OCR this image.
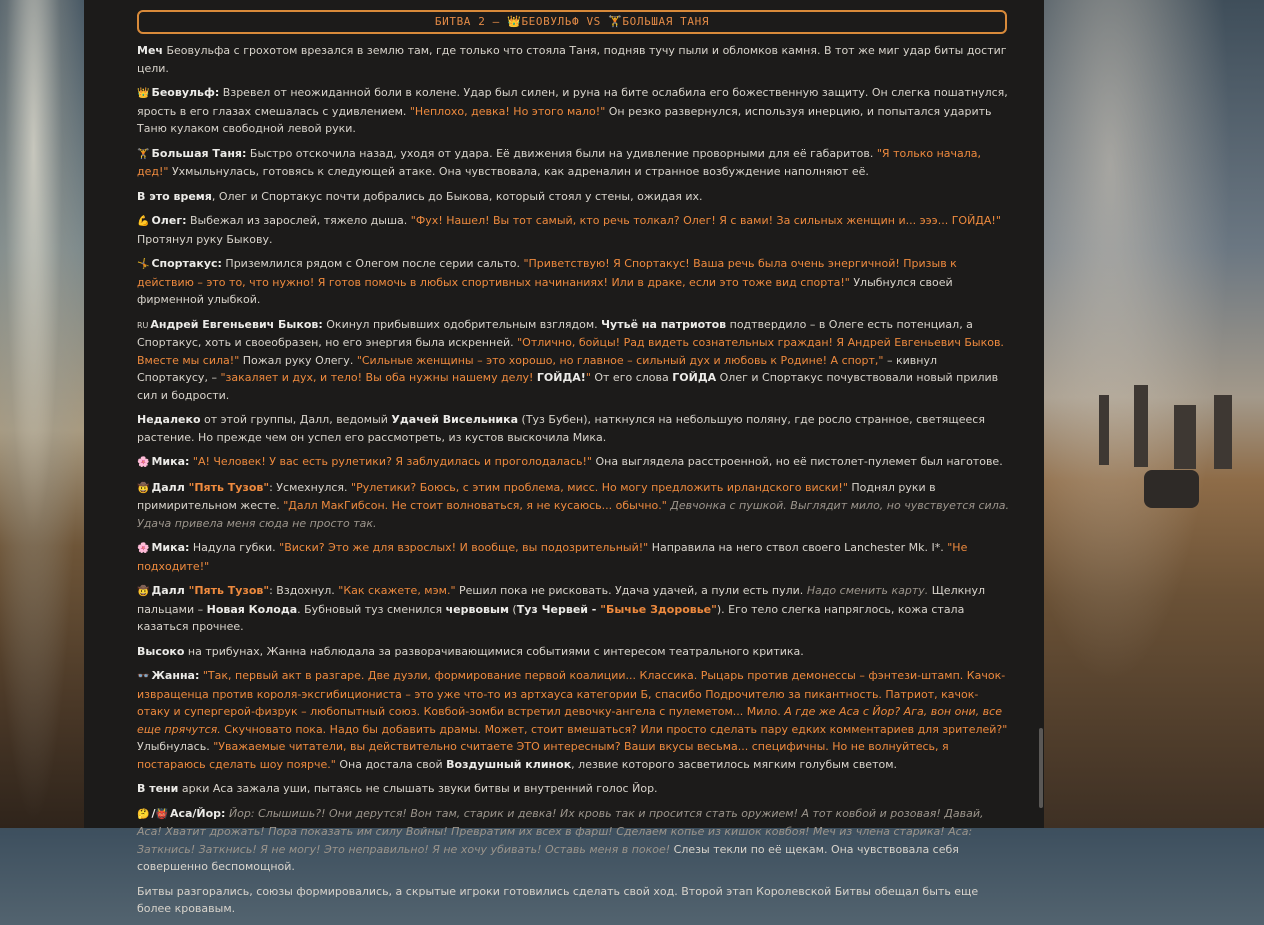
БИТВА 2 – 👑БЕОВУЛЬФ VS 🏋БОЛЬШАЯ ТАНЯ

Меч Беовульфа с грохотом врезался в землю там, где только что стояла Таня, подняв тучу пыли и обломков камня. В тот же миг удар биты достиг цели.

👑 Беовульф: Взревел от неожиданной боли в колене. Удар был силен, и руна на бите ослабила его божественную защиту. Он слегка пошатнулся, ярость в его глазах смешалась с удивлением. "Неплохо, девка! Но этого мало!" Он резко развернулся, используя инерцию, и попытался ударить Таню кулаком свободной левой руки.

🏋 Большая Таня: Быстро отскочила назад, уходя от удара. Её движения были на удивление проворными для её габаритов. "Я только начала, дед!" Ухмыльнулась, готовясь к следующей атаке. Она чувствовала, как адреналин и странное возбуждение наполняют её.

В это время, Олег и Спортакус почти добрались до Быкова, который стоял у стены, ожидая их.

💪 Олег: Выбежал из зарослей, тяжело дыша. "Фух! Нашел! Вы тот самый, кто речь толкал? Олег! Я с вами! За сильных женщин и... эээ... ГОЙДА!" Протянул руку Быкову.

🤸 Спортакус: Приземлился рядом с Олегом после серии сальто. "Приветствую! Я Спортакус! Ваша речь была очень энергичной! Призыв к действию – это то, что нужно! Я готов помочь в любых спортивных начинаниях! Или в драке, если это тоже вид спорта!" Улыбнулся своей фирменной улыбкой.

RU Андрей Евгеньевич Быков: Окинул прибывших одобрительным взглядом. Чутьё на патриотов подтвердило – в Олеге есть потенциал, а Спортакус, хоть и своеобразен, но его энергия была искренней. "Отлично, бойцы! Рад видеть сознательных граждан! Я Андрей Евгеньевич Быков. Вместе мы сила!" Пожал руку Олегу. "Сильные женщины – это хорошо, но главное – сильный дух и любовь к Родине! А спорт," – кивнул Спортакусу, – "закаляет и дух, и тело! Вы оба нужны нашему делу! ГОЙДА!" От его слова ГОЙДА Олег и Спортакус почувствовали новый прилив сил и бодрости.

Недалеко от этой группы, Далл, ведомый Удачей Висельника (Туз Бубен), наткнулся на небольшую поляну, где росло странное, светящееся растение. Но прежде чем он успел его рассмотреть, из кустов выскочила Мика.

🌸 Мика: "А! Человек! У вас есть рулетики? Я заблудилась и проголодалась!" Она выглядела расстроенной, но её пистолет-пулемет был наготове.

🤠 Далл "Пять Тузов": Усмехнулся. "Рулетики? Боюсь, с этим проблема, мисс. Но могу предложить ирландского виски!" Поднял руки в примирительном жесте. "Далл МакГибсон. Не стоит волноваться, я не кусаюсь... обычно." Девчонка с пушкой. Выглядит мило, но чувствуется сила. Удача привела меня сюда не просто так.

🌸 Мика: Надула губки. "Виски? Это же для взрослых! И вообще, вы подозрительный!" Направила на него ствол своего Lanchester Mk. I*. "Не подходите!"

🤠 Далл "Пять Тузов": Вздохнул. "Как скажете, мэм." Решил пока не рисковать. Удача удачей, а пули есть пули. Надо сменить карту. Щелкнул пальцами – Новая Колода. Бубновый туз сменился червовым (Туз Червей - "Бычье Здоровье"). Его тело слегка напряглось, кожа стала казаться прочнее.

Высоко на трибунах, Жанна наблюдала за разворачивающимися событиями с интересом театрального критика.

👓 Жанна: "Так, первый акт в разгаре. Две дуэли, формирование первой коалиции... Классика. Рыцарь против демонессы – фэнтези-штамп. Качок-извращенца против короля-эксгибициониста – это уже что-то из артхауса категории Б, спасибо Подрочителю за пикантность. Патриот, качок-отаку и супергерой-физрук – любопытный союз. Ковбой-зомби встретил девочку-ангела с пулеметом... Мило. А где же Аса с Йор? Ага, вон они, все еще прячутся. Скучновато пока. Надо бы добавить драмы. Может, стоит вмешаться? Или просто сделать пару едких комментариев для зрителей?" Улыбнулась. "Уважаемые читатели, вы действительно считаете ЭТО интересным? Ваши вкусы весьма... специфичны. Но не волнуйтесь, я постараюсь сделать шоу поярче." Она достала свой Воздушный клинок, лезвие которого засветилось мягким голубым светом.

В тени арки Аса зажала уши, пытаясь не слышать звуки битвы и внутренний голос Йор.

🤔 /👹 Аса/Йор: Йор: Слышишь?! Они дерутся! Вон там, старик и девка! Их кровь так и просится стать оружием! А тот ковбой и розовая! Давай, Аса! Хватит дрожать! Пора показать им силу Войны! Превратим их всех в фарш! Сделаем копье из кишок ковбоя! Меч из члена старика! Аса: Заткнись! Заткнись! Я не могу! Это неправильно! Я не хочу убивать! Оставь меня в покое! Слезы текли по её щекам. Она чувствовала себя совершенно беспомощной.

Битвы разгорались, союзы формировались, а скрытые игроки готовились сделать свой ход. Второй этап Королевской Битвы обещал быть еще более кровавым.
